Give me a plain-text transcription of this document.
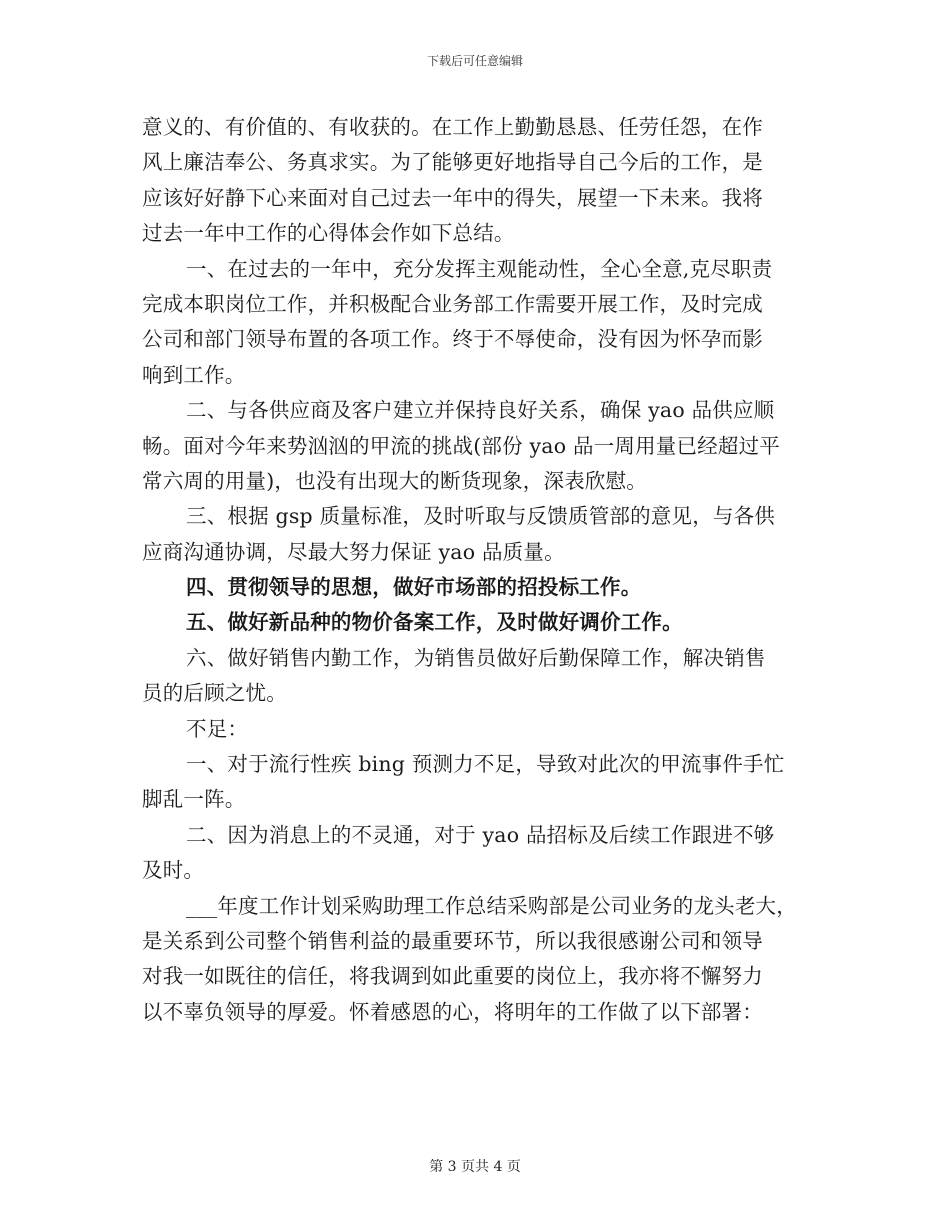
下载后可任意编辑
意义的、有价值的、有收获的。在工作上勤勤恳恳、任劳任怨，在作
风上廉洁奉公、务真求实。为了能够更好地指导自己今后的工作，是
应该好好静下心来面对自己过去一年中的得失，展望一下未来。我将
过去一年中工作的心得体会作如下总结。
一、在过去的一年中，充分发挥主观能动性，全心全意,克尽职责
完成本职岗位工作，并积极配合业务部工作需要开展工作，及时完成
公司和部门领导布置的各项工作。终于不辱使命，没有因为怀孕而影
响到工作。
二、与各供应商及客户建立并保持良好关系，确保 yao 品供应顺
畅。面对今年来势汹汹的甲流的挑战(部份 yao 品一周用量已经超过平
常六周的用量)，也没有出现大的断货现象，深表欣慰。
三、根据 gsp 质量标准，及时听取与反馈质管部的意见，与各供
应商沟通协调，尽最大努力保证 yao 品质量。
四、贯彻领导的思想，做好市场部的招投标工作。
五、做好新品种的物价备案工作，及时做好调价工作。
六、做好销售内勤工作，为销售员做好后勤保障工作，解决销售
员的后顾之忧。
不足：
一、对于流行性疾 bing 预测力不足，导致对此次的甲流事件手忙
脚乱一阵。
二、因为消息上的不灵通，对于 yao 品招标及后续工作跟进不够
及时。
___年度工作计划采购助理工作总结采购部是公司业务的龙头老大，
是关系到公司整个销售利益的最重要环节，所以我很感谢公司和领导
对我一如既往的信任，将我调到如此重要的岗位上，我亦将不懈努力
以不辜负领导的厚爱。怀着感恩的心，将明年的工作做了以下部署：
第 3 页共 4 页
